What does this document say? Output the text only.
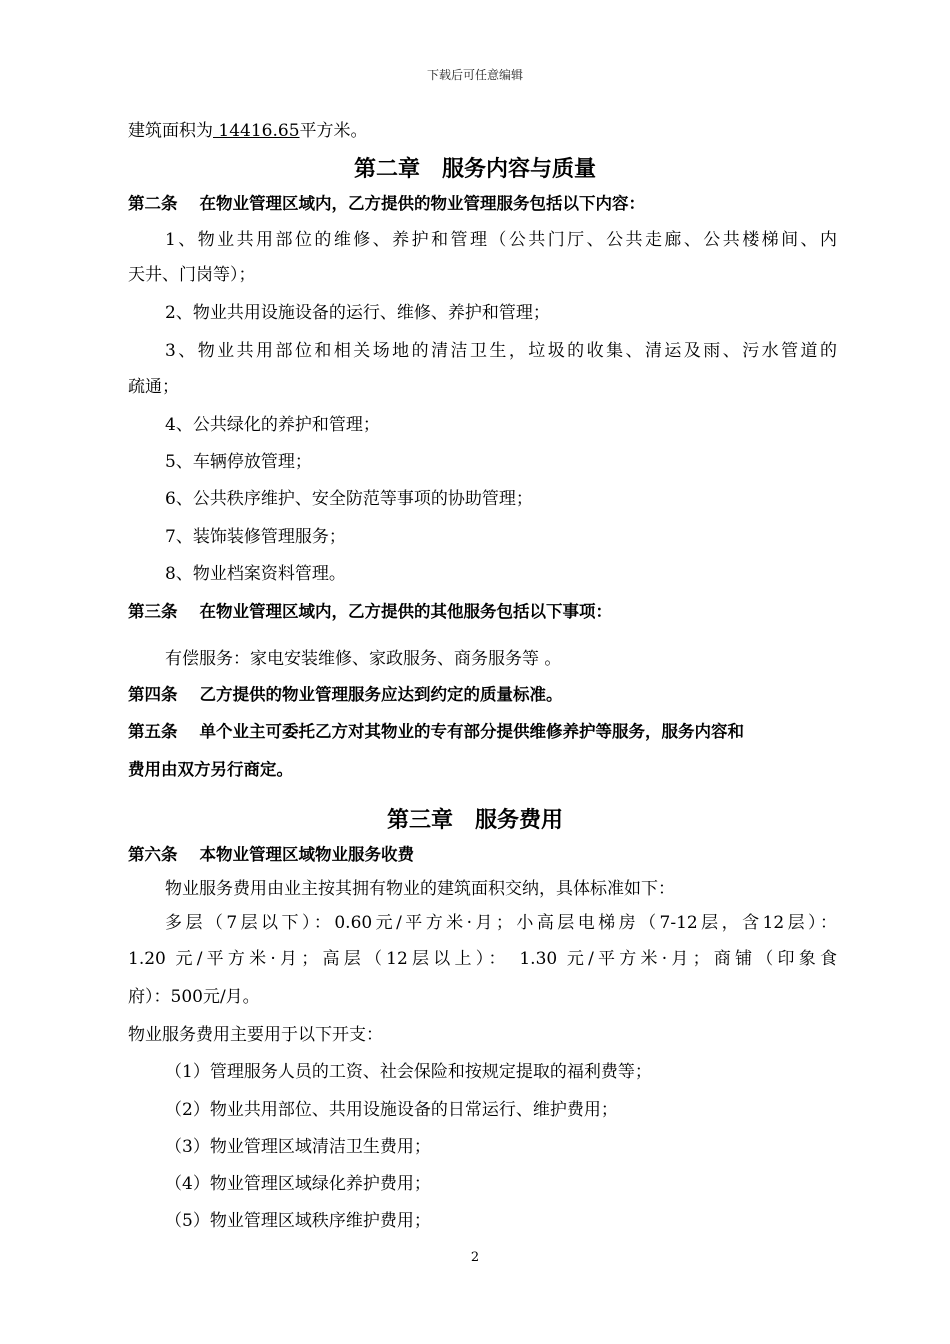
下载后可任意编辑
建筑面积为 14416.65平方米。
第二章 服务内容与质量
第二条 在物业管理区域内，乙方提供的物业管理服务包括以下内容：
1、物业共用部位的维修、养护和管理（公共门厅、公共走廊、公共楼梯间、内
天井、门岗等）；
2、物业共用设施设备的运行、维修、养护和管理；
3、物业共用部位和相关场地的清洁卫生，垃圾的收集、清运及雨、污水管道的
疏通；
4、公共绿化的养护和管理；
5、车辆停放管理；
6、公共秩序维护、安全防范等事项的协助管理；
7、装饰装修管理服务；
8、物业档案资料管理。
第三条 在物业管理区域内，乙方提供的其他服务包括以下事项：
有偿服务：家电安装维修、家政服务、商务服务等 。
第四条 乙方提供的物业管理服务应达到约定的质量标准。
第五条 单个业主可委托乙方对其物业的专有部分提供维修养护等服务，服务内容和
费用由双方另行商定。
第三章 服务费用
第六条 本物业管理区域物业服务收费
物业服务费用由业主按其拥有物业的建筑面积交纳，具体标准如下：
多层（7层以下）：0.60元/平方米·月；小高层电梯房（7-12层，含12层）：
1.20 元/平方米·月；高层（12层以上）： 1.30 元/平方米·月；商铺（印象食
府）：500元/月。
物业服务费用主要用于以下开支：
（1）管理服务人员的工资、社会保险和按规定提取的福利费等；
（2）物业共用部位、共用设施设备的日常运行、维护费用；
（3）物业管理区域清洁卫生费用；
（4）物业管理区域绿化养护费用；
（5）物业管理区域秩序维护费用；
2
